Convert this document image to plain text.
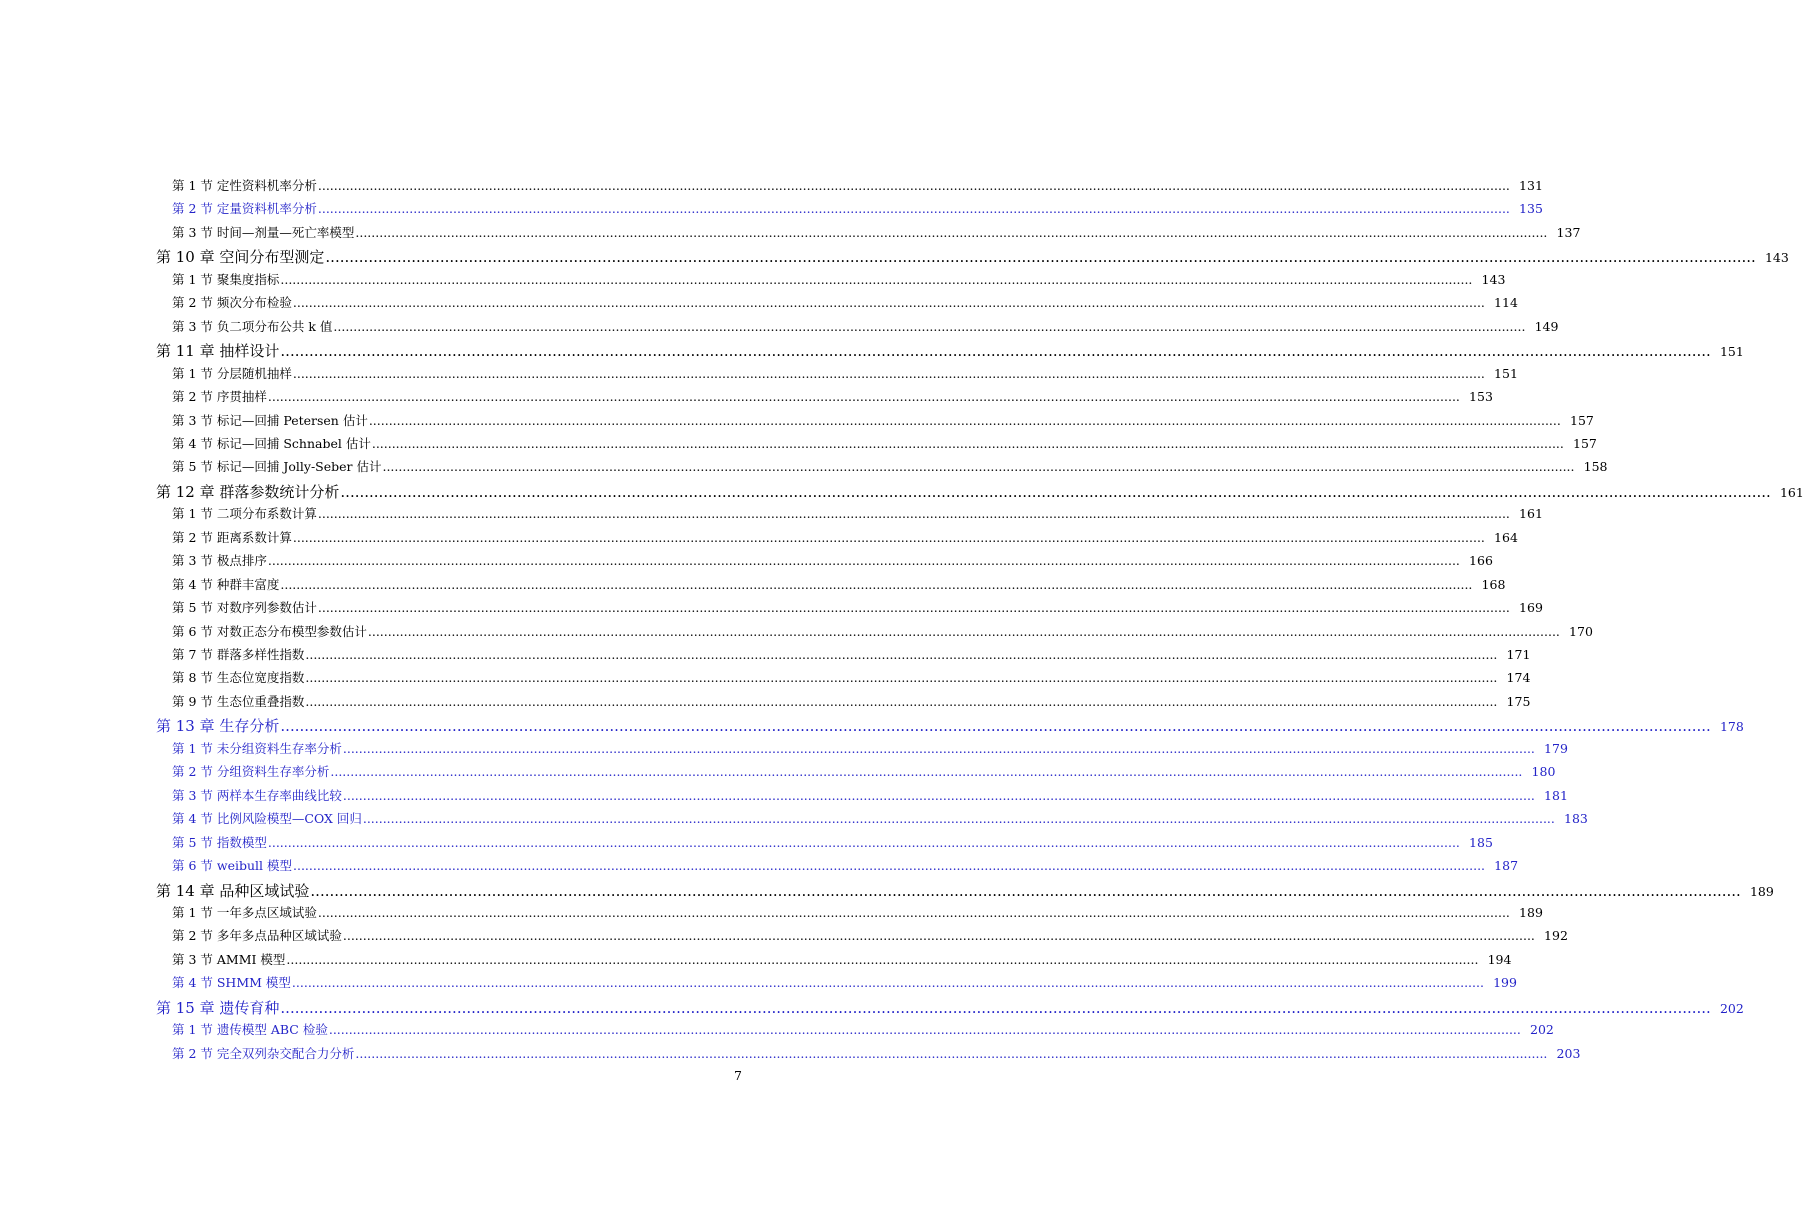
第 1 节 定性资料机率分析 ............................................................................................................................................................................................................................................................................................................ 131
第 2 节 定量资料机率分析 ............................................................................................................................................................................................................................................................................................................ 135
第 3 节 时间—剂量—死亡率模型 ............................................................................................................................................................................................................................................................................................................ 137
第 10 章 空间分布型测定 ............................................................................................................................................................................................................................................................................................................ 143
第 1 节 聚集度指标 ............................................................................................................................................................................................................................................................................................................ 143
第 2 节 频次分布检验 ............................................................................................................................................................................................................................................................................................................ 114
第 3 节 负二项分布公共 k 值 ............................................................................................................................................................................................................................................................................................................ 149
第 11 章 抽样设计 ............................................................................................................................................................................................................................................................................................................ 151
第 1 节 分层随机抽样 ............................................................................................................................................................................................................................................................................................................ 151
第 2 节 序贯抽样 ............................................................................................................................................................................................................................................................................................................ 153
第 3 节 标记—回捕 Petersen 估计 ............................................................................................................................................................................................................................................................................................................ 157
第 4 节 标记—回捕 Schnabel 估计 ............................................................................................................................................................................................................................................................................................................ 157
第 5 节 标记—回捕 Jolly-Seber 估计 ............................................................................................................................................................................................................................................................................................................ 158
第 12 章 群落参数统计分析 ............................................................................................................................................................................................................................................................................................................ 161
第 1 节 二项分布系数计算 ............................................................................................................................................................................................................................................................................................................ 161
第 2 节 距离系数计算 ............................................................................................................................................................................................................................................................................................................ 164
第 3 节 极点排序 ............................................................................................................................................................................................................................................................................................................ 166
第 4 节 种群丰富度 ............................................................................................................................................................................................................................................................................................................ 168
第 5 节 对数序列参数估计 ............................................................................................................................................................................................................................................................................................................ 169
第 6 节 对数正态分布模型参数估计 ............................................................................................................................................................................................................................................................................................................ 170
第 7 节 群落多样性指数 ............................................................................................................................................................................................................................................................................................................ 171
第 8 节 生态位宽度指数 ............................................................................................................................................................................................................................................................................................................ 174
第 9 节 生态位重叠指数 ............................................................................................................................................................................................................................................................................................................ 175
第 13 章 生存分析 ............................................................................................................................................................................................................................................................................................................ 178
第 1 节 未分组资料生存率分析 ............................................................................................................................................................................................................................................................................................................ 179
第 2 节 分组资料生存率分析 ............................................................................................................................................................................................................................................................................................................ 180
第 3 节 两样本生存率曲线比较 ............................................................................................................................................................................................................................................................................................................ 181
第 4 节 比例风险模型—COX 回归 ............................................................................................................................................................................................................................................................................................................ 183
第 5 节 指数模型 ............................................................................................................................................................................................................................................................................................................ 185
第 6 节 weibull 模型 ............................................................................................................................................................................................................................................................................................................ 187
第 14 章 品种区域试验 ............................................................................................................................................................................................................................................................................................................ 189
第 1 节 一年多点区域试验 ............................................................................................................................................................................................................................................................................................................ 189
第 2 节 多年多点品种区域试验 ............................................................................................................................................................................................................................................................................................................ 192
第 3 节 AMMI 模型 ............................................................................................................................................................................................................................................................................................................ 194
第 4 节 SHMM 模型 ............................................................................................................................................................................................................................................................................................................ 199
第 15 章 遗传育种 ............................................................................................................................................................................................................................................................................................................ 202
第 1 节 遗传模型 ABC 检验 ............................................................................................................................................................................................................................................................................................................ 202
第 2 节 完全双列杂交配合力分析 ............................................................................................................................................................................................................................................................................................................ 203
7
